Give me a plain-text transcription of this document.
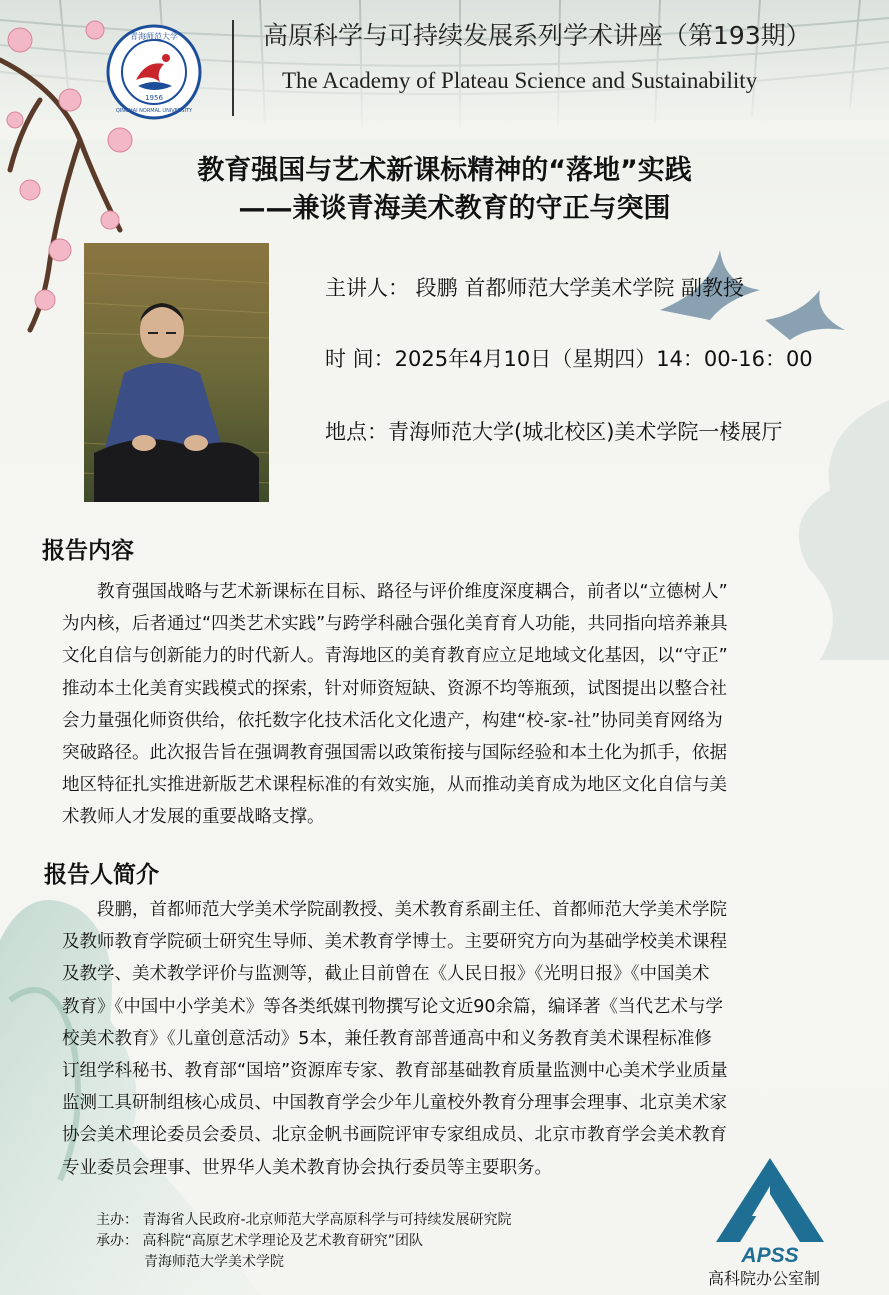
青海师范大学
1956
QINGHAI NORMAL UNIVERSITY
高原科学与可持续发展系列学术讲座（第193期）
The Academy of Plateau Science and Sustainability
教育强国与艺术新课标精神的“落地”实践
——兼谈青海美术教育的守正与突围
主讲人： 段鹏 首都师范大学美术学院 副教授
时 间：2025年4月10日（星期四）14：00-16：00
地点：青海师范大学(城北校区)美术学院一楼展厅
报告内容
　　教育强国战略与艺术新课标在目标、路径与评价维度深度耦合，前者以“立德树人”
为内核，后者通过“四类艺术实践”与跨学科融合强化美育育人功能，共同指向培养兼具
文化自信与创新能力的时代新人。青海地区的美育教育应立足地域文化基因，以“守正”
推动本土化美育实践模式的探索，针对师资短缺、资源不均等瓶颈，试图提出以整合社
会力量强化师资供给，依托数字化技术活化文化遗产，构建“校-家-社”协同美育网络为
突破路径。此次报告旨在强调教育强国需以政策衔接与国际经验和本土化为抓手，依据
地区特征扎实推进新版艺术课程标准的有效实施，从而推动美育成为地区文化自信与美
术教师人才发展的重要战略支撑。
报告人简介
　　段鹏，首都师范大学美术学院副教授、美术教育系副主任、首都师范大学美术学院
及教师教育学院硕士研究生导师、美术教育学博士。主要研究方向为基础学校美术课程
及教学、美术教学评价与监测等，截止目前曾在《人民日报》《光明日报》《中国美术
教育》《中国中小学美术》等各类纸媒刊物撰写论文近90余篇，编译著《当代艺术与学
校美术教育》《儿童创意活动》5本，兼任教育部普通高中和义务教育美术课程标准修
订组学科秘书、教育部“国培”资源库专家、教育部基础教育质量监测中心美术学业质量
监测工具研制组核心成员、中国教育学会少年儿童校外教育分理事会理事、北京美术家
协会美术理论委员会委员、北京金帆书画院评审专家组成员、北京市教育学会美术教育
专业委员会理事、世界华人美术教育协会执行委员等主要职务。
主办： 青海省人民政府-北京师范大学高原科学与可持续发展研究院
承办： 高科院“高原艺术学理论及艺术教育研究”团队
青海师范大学美术学院	APSS
高科院办公室制
